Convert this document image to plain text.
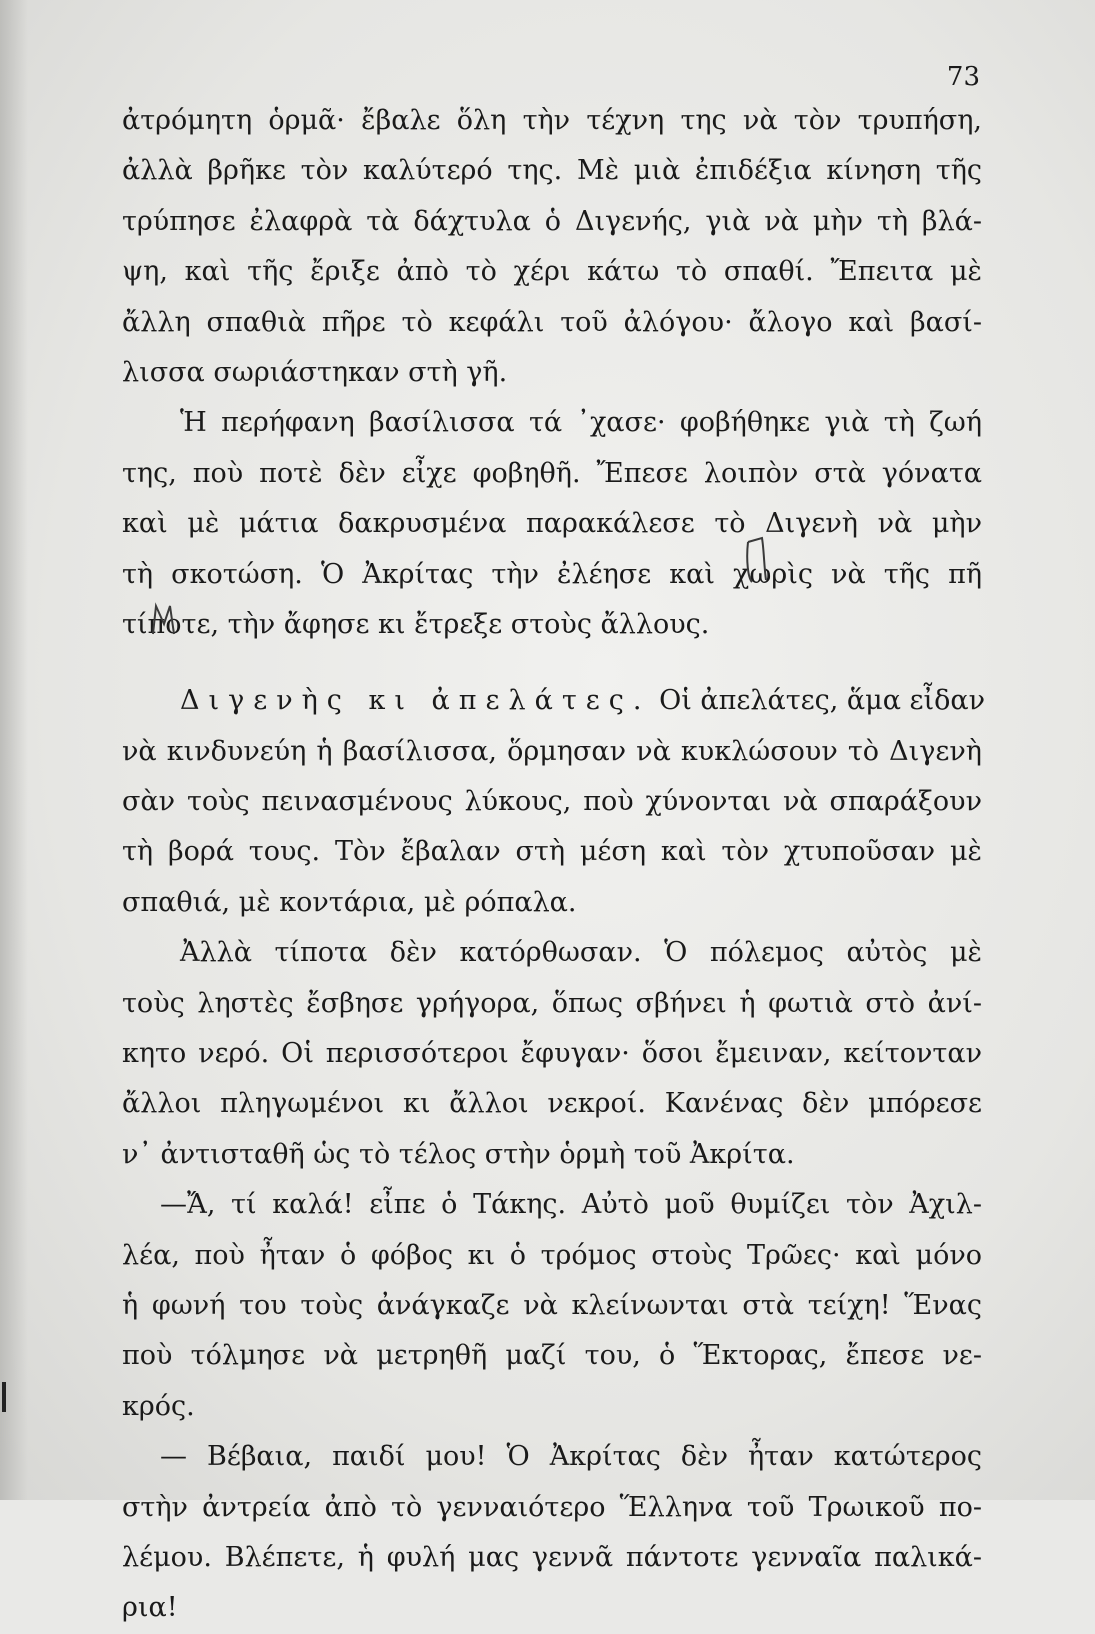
73
ἀτρόμητη ὁρμᾶ· ἔβαλε ὅλη τὴν τέχνη της νὰ τὸν τρυπήση,
ἀλλὰ βρῆκε τὸν καλύτερό της. Μὲ μιὰ ἐπιδέξια κίνηση τῆς
τρύπησε ἐλαφρὰ τὰ δάχτυλα ὁ Διγενής, γιὰ νὰ μὴν τὴ βλά-
ψη, καὶ τῆς ἔριξε ἀπὸ τὸ χέρι κάτω τὸ σπαθί. Ἔπειτα μὲ
ἄλλη σπαθιὰ πῆρε τὸ κεφάλι τοῦ ἀλόγου· ἄλογο καὶ βασί-
λισσα σωριάστηκαν στὴ γῆ.
Ἡ περήφανη βασίλισσα τά ᾽χασε· φοβήθηκε γιὰ τὴ ζωή
της, ποὺ ποτὲ δὲν εἶχε φοβηθῆ. Ἔπεσε λοιπὸν στὰ γόνατα
καὶ μὲ μάτια δακρυσμένα παρακάλεσε τὸ Διγενὴ νὰ μὴν
τὴ σκοτώση. Ὁ Ἀκρίτας τὴν ἐλέησε καὶ χωρὶς νὰ τῆς πῆ
τίποτε, τὴν ἄφησε κι ἔτρεξε στοὺς ἄλλους.
Διγενὴς κι ἀπελάτες. Οἱ ἀπελάτες, ἅμα εἶδαν
νὰ κινδυνεύη ἡ βασίλισσα, ὅρμησαν νὰ κυκλώσουν τὸ Διγενὴ
σὰν τοὺς πεινασμένους λύκους, ποὺ χύνονται νὰ σπαράξουν
τὴ βορά τους. Τὸν ἔβαλαν στὴ μέση καὶ τὸν χτυποῦσαν μὲ
σπαθιά, μὲ κοντάρια, μὲ ρόπαλα.
Ἀλλὰ τίποτα δὲν κατόρθωσαν. Ὁ πόλεμος αὐτὸς μὲ
τοὺς ληστὲς ἔσβησε γρήγορα, ὅπως σβήνει ἡ φωτιὰ στὸ ἀνί-
κητο νερό. Οἱ περισσότεροι ἔφυγαν· ὅσοι ἔμειναν, κείτονταν
ἄλλοι πληγωμένοι κι ἄλλοι νεκροί. Κανένας δὲν μπόρεσε
ν᾽ ἀντισταθῆ ὡς τὸ τέλος στὴν ὁρμὴ τοῦ Ἀκρίτα.
—Ἄ, τί καλά! εἶπε ὁ Τάκης. Αὐτὸ μοῦ θυμίζει τὸν Ἀχιλ-
λέα, ποὺ ἦταν ὁ φόβος κι ὁ τρόμος στοὺς Τρῶες· καὶ μόνο
ἡ φωνή του τοὺς ἀνάγκαζε νὰ κλείνωνται στὰ τείχη! Ἕνας
ποὺ τόλμησε νὰ μετρηθῆ μαζί του, ὁ Ἕκτορας, ἔπεσε νε-
κρός.
— Βέβαια, παιδί μου! Ὁ Ἀκρίτας δὲν ἦταν κατώτερος
στὴν ἀντρεία ἀπὸ τὸ γενναιότερο Ἕλληνα τοῦ Τρωικοῦ πο-
λέμου. Βλέπετε, ἡ φυλή μας γεννᾶ πάντοτε γενναῖα παλικά-
ρια!
